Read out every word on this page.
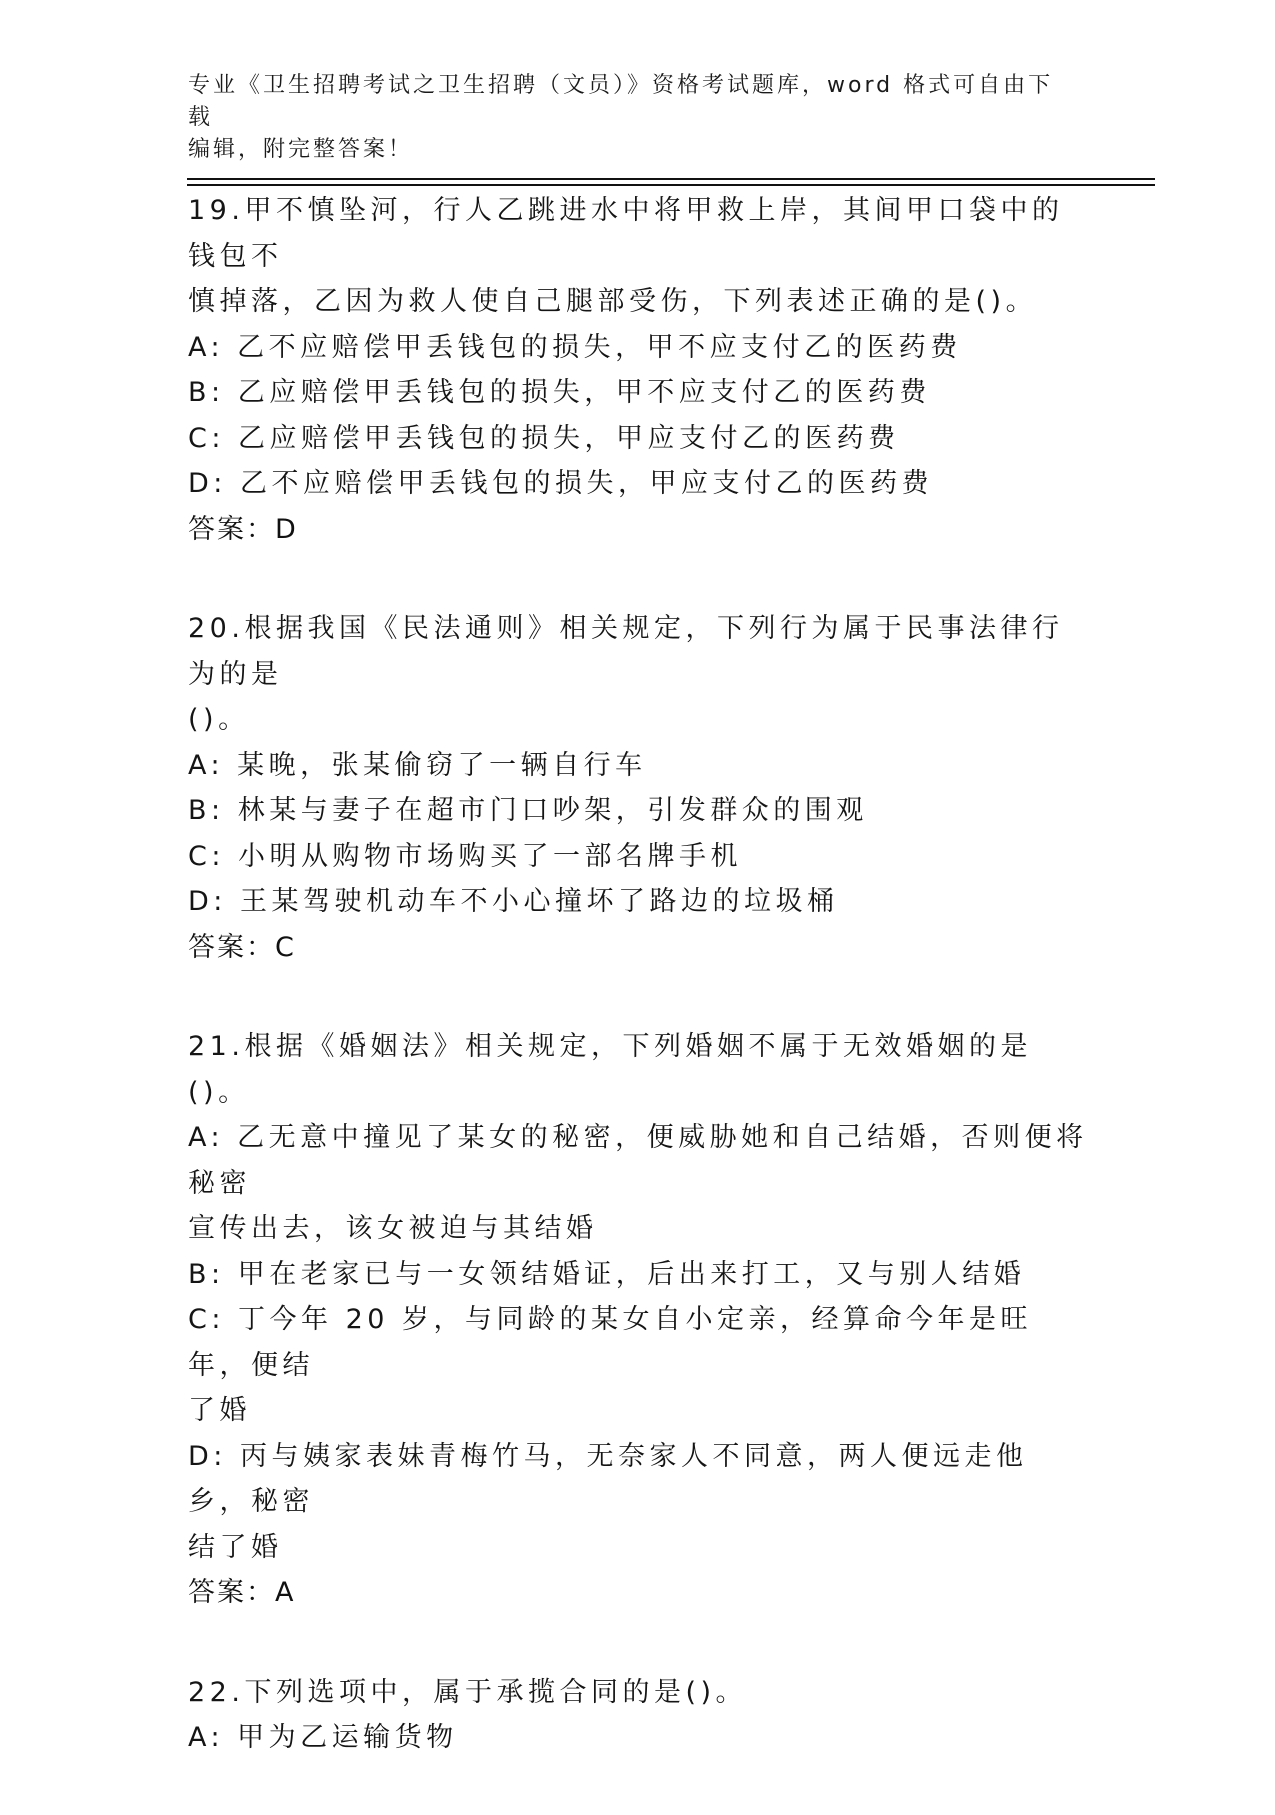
专业《卫生招聘考试之卫生招聘（文员）》资格考试题库，word 格式可自由下载
编辑，附完整答案！
19.甲不慎坠河，行人乙跳进水中将甲救上岸，其间甲口袋中的钱包不
慎掉落，乙因为救人使自己腿部受伤，下列表述正确的是()。
A: 乙不应赔偿甲丢钱包的损失，甲不应支付乙的医药费
B: 乙应赔偿甲丢钱包的损失，甲不应支付乙的医药费
C: 乙应赔偿甲丢钱包的损失，甲应支付乙的医药费
D: 乙不应赔偿甲丢钱包的损失，甲应支付乙的医药费
答案：D
20.根据我国《民法通则》相关规定，下列行为属于民事法律行为的是
()。
A: 某晚，张某偷窃了一辆自行车
B: 林某与妻子在超市门口吵架，引发群众的围观
C: 小明从购物市场购买了一部名牌手机
D: 王某驾驶机动车不小心撞坏了路边的垃圾桶
答案：C
21.根据《婚姻法》相关规定，下列婚姻不属于无效婚姻的是()。
A: 乙无意中撞见了某女的秘密，便威胁她和自己结婚，否则便将秘密
宣传出去，该女被迫与其结婚
B: 甲在老家已与一女领结婚证，后出来打工，又与别人结婚
C: 丁今年 20 岁，与同龄的某女自小定亲，经算命今年是旺年，便结
了婚
D: 丙与姨家表妹青梅竹马，无奈家人不同意，两人便远走他乡，秘密
结了婚
答案：A
22.下列选项中，属于承揽合同的是()。
A: 甲为乙运输货物
